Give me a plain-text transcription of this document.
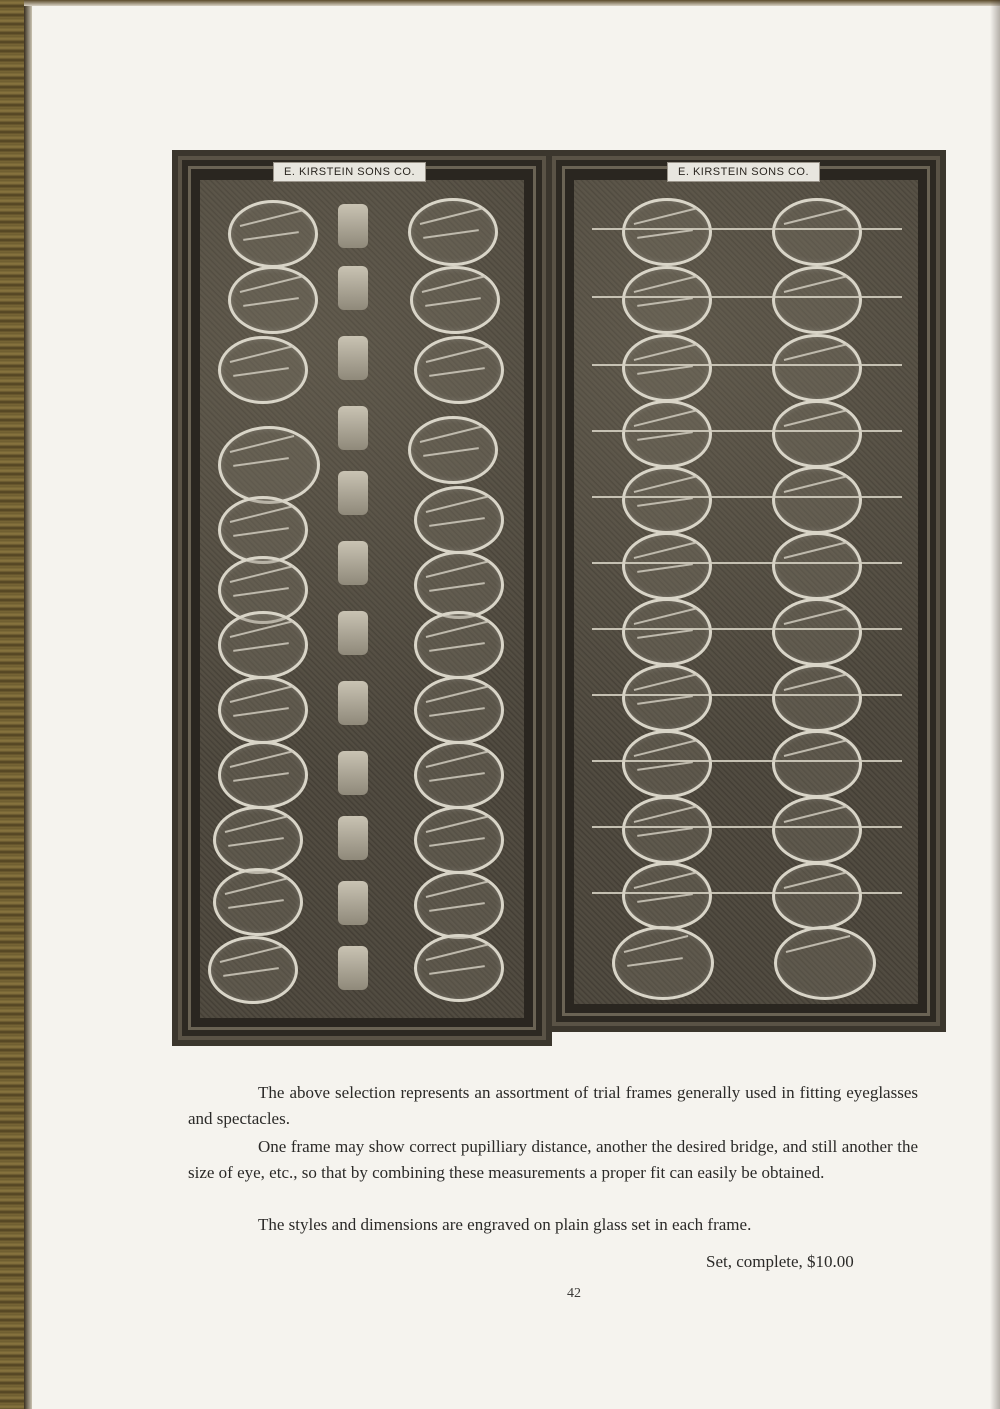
E. KIRSTEIN SONS CO.	E. KIRSTEIN SONS CO.
The above selection represents an assortment of trial frames generally used in fitting eyeglasses and spectacles.
One frame may show correct pupilliary distance, another the desired bridge, and still another the size of eye, etc., so that by combining these measurements a proper fit can easily be obtained.
The styles and dimensions are engraved on plain glass set in each frame.
Set, complete, $10.00
42
